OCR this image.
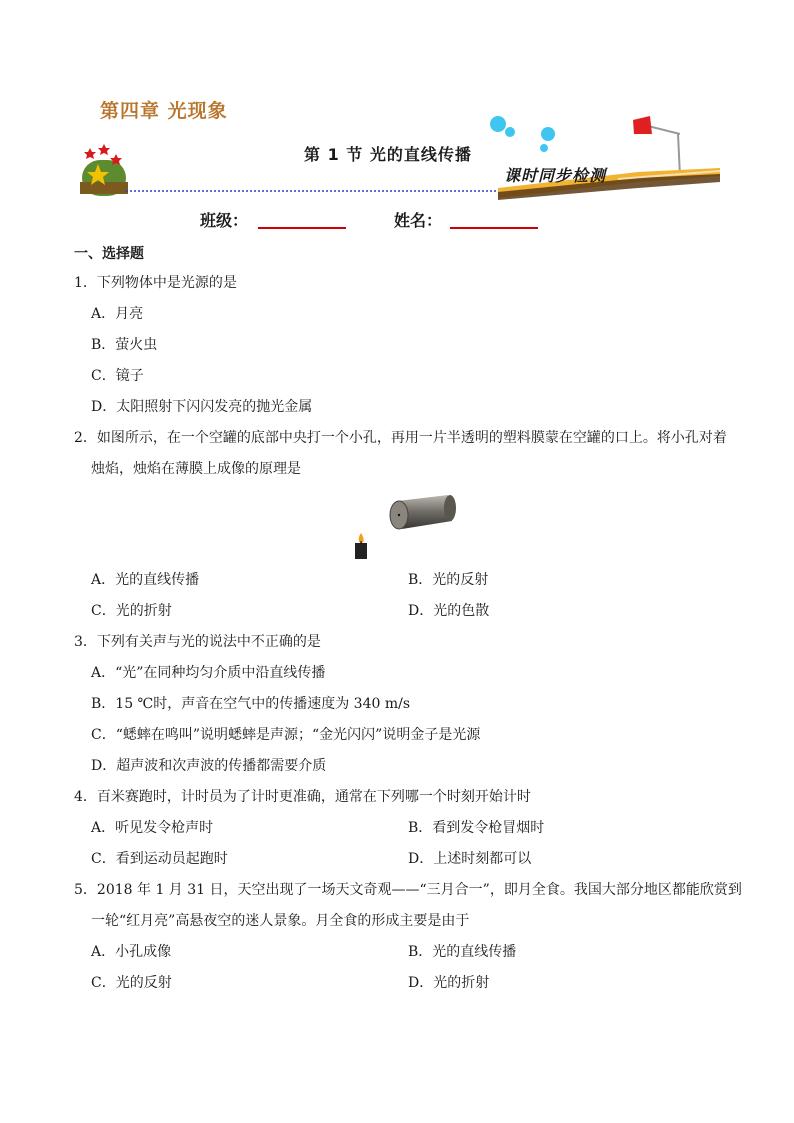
第四章 光现象
第 1 节 光的直线传播
课时同步检测
班级：	姓名：
一、选择题
1．下列物体中是光源的是
A．月亮
B．萤火虫
C．镜子
D．太阳照射下闪闪发亮的抛光金属
2．如图所示，在一个空罐的底部中央打一个小孔，再用一片半透明的塑料膜蒙在空罐的口上。将小孔对着
烛焰，烛焰在薄膜上成像的原理是
A．光的直线传播	B．光的反射
C．光的折射	D．光的色散
3．下列有关声与光的说法中不正确的是
A．“光”在同种均匀介质中沿直线传播
B．15 ℃时，声音在空气中的传播速度为 340 m/s
C．“蟋蟀在鸣叫”说明蟋蟀是声源；“金光闪闪”说明金子是光源
D．超声波和次声波的传播都需要介质
4．百米赛跑时，计时员为了计时更准确，通常在下列哪一个时刻开始计时
A．听见发令枪声时	B．看到发令枪冒烟时
C．看到运动员起跑时	D．上述时刻都可以
5．2018 年 1 月 31 日，天空出现了一场天文奇观——“三月合一”，即月全食。我国大部分地区都能欣赏到
一轮“红月亮”高悬夜空的迷人景象。月全食的形成主要是由于
A．小孔成像	B．光的直线传播
C．光的反射	D．光的折射
